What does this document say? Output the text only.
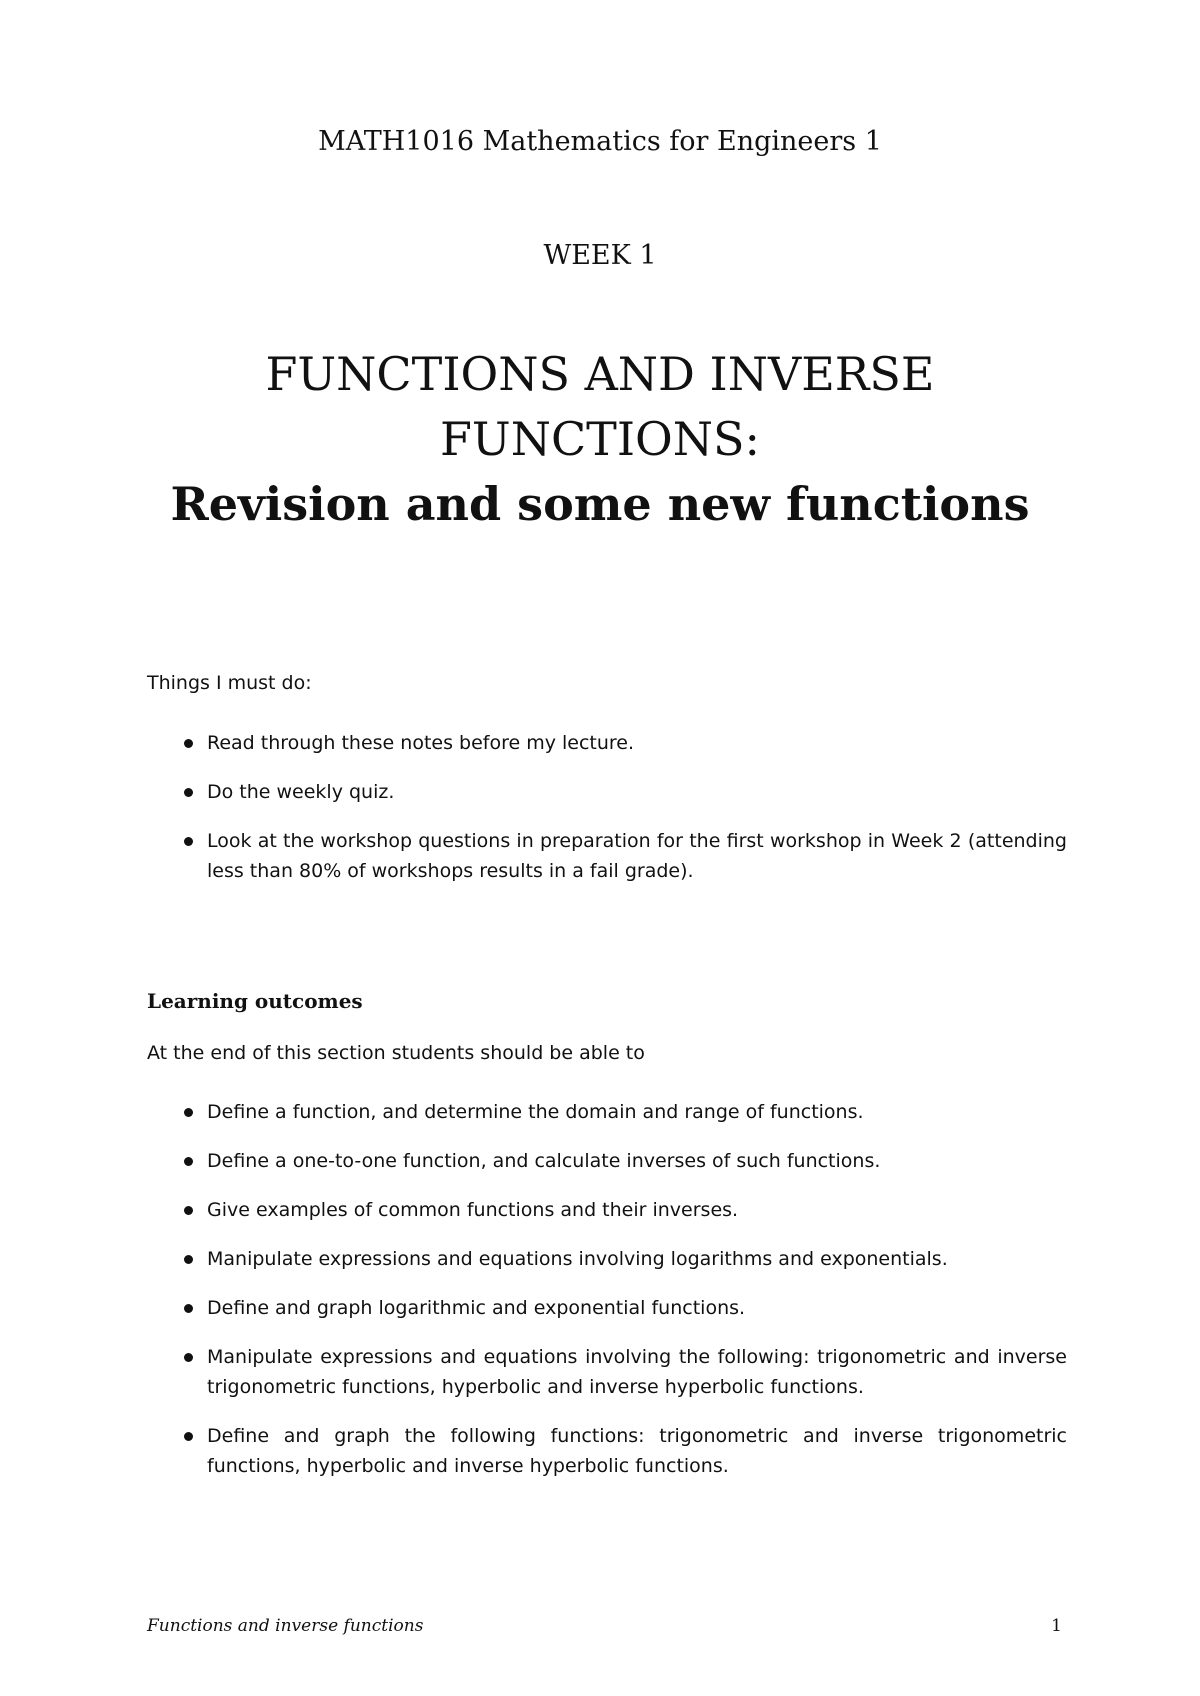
MATH1016 Mathematics for Engineers 1
WEEK 1
FUNCTIONS AND INVERSE
FUNCTIONS:
Revision and some new functions
Things I must do:
Read through these notes before my lecture.
Do the weekly quiz.
Look at the workshop questions in preparation for the first workshop in Week 2 (attending less than 80% of workshops results in a fail grade).
Learning outcomes
At the end of this section students should be able to
Define a function, and determine the domain and range of functions.
Define a one-to-one function, and calculate inverses of such functions.
Give examples of common functions and their inverses.
Manipulate expressions and equations involving logarithms and exponentials.
Define and graph logarithmic and exponential functions.
Manipulate expressions and equations involving the following: trigonometric and inverse trigonometric functions, hyperbolic and inverse hyperbolic functions.
Define and graph the following functions: trigonometric and inverse trigonometric functions, hyperbolic and inverse hyperbolic functions.
Functions and inverse functions	1
